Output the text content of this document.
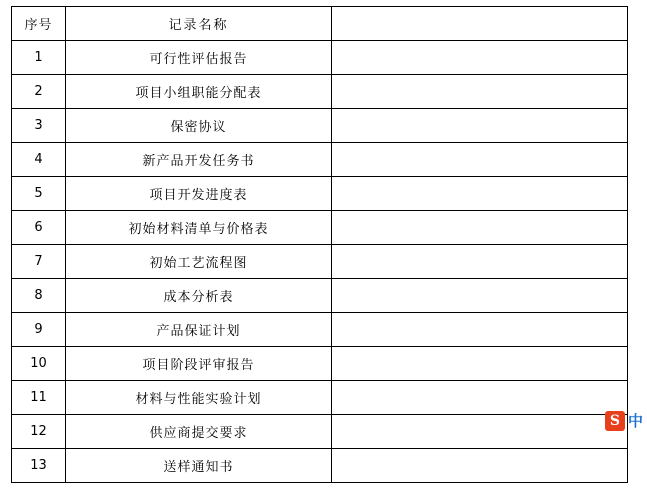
序号	记录名称	
1	可行性评估报告	
2	项目小组职能分配表	
3	保密协议	
4	新产品开发任务书	
5	项目开发进度表	
6	初始材料清单与价格表	
7	初始工艺流程图	
8	成本分析表	
9	产品保证计划	
10	项目阶段评审报告	
11	材料与性能实验计划	
12	供应商提交要求	
13	送样通知书	
S 中
